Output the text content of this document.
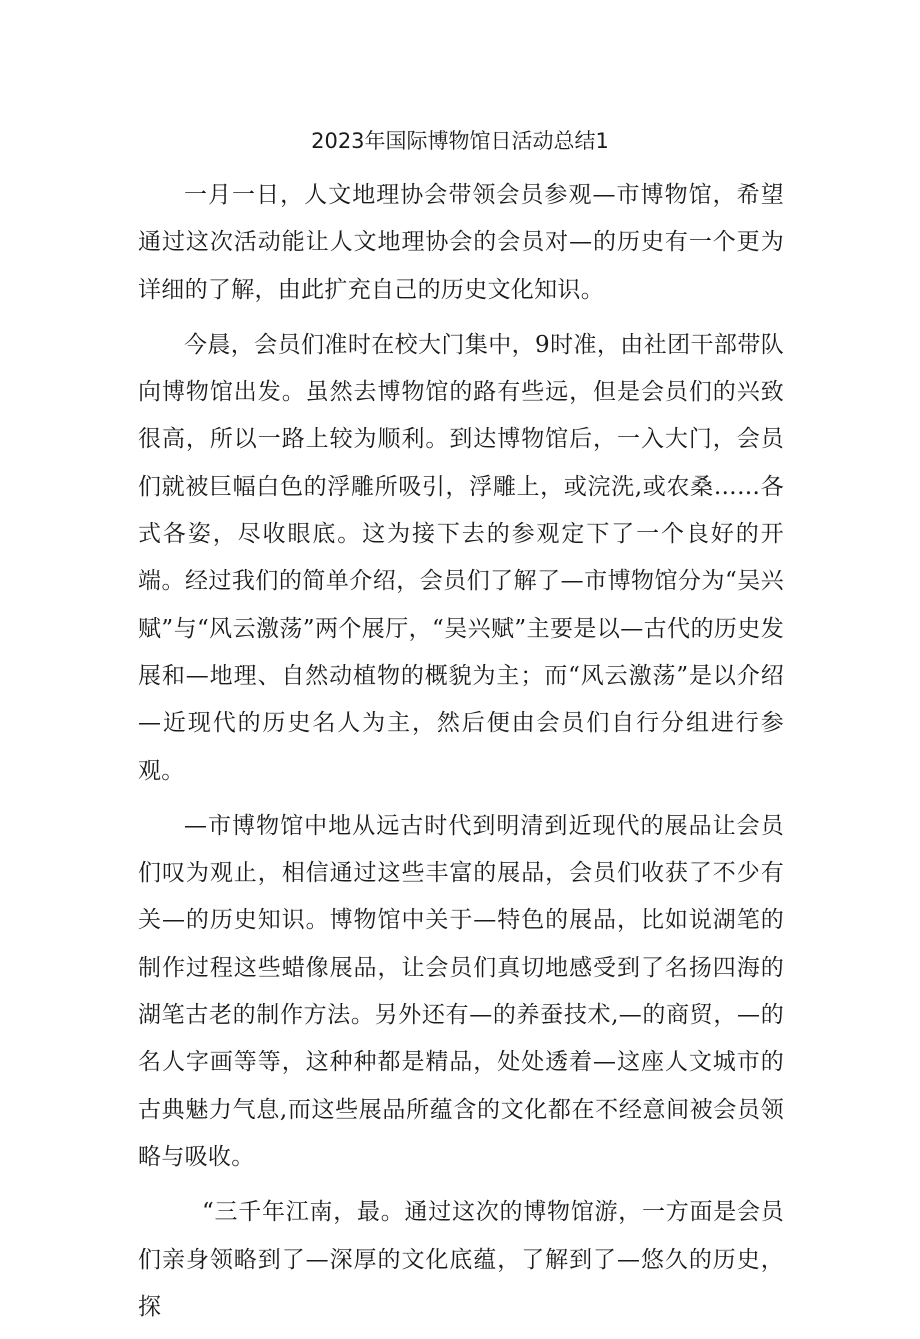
2023年国际博物馆日活动总结1

一月一日，人文地理协会带领会员参观—市博物馆，希望通过这次活动能让人文地理协会的会员对—的历史有一个更为详细的了解，由此扩充自己的历史文化知识。

今晨，会员们准时在校大门集中，9时准，由社团干部带队向博物馆出发。虽然去博物馆的路有些远，但是会员们的兴致很高，所以一路上较为顺利。到达博物馆后，一入大门，会员们就被巨幅白色的浮雕所吸引，浮雕上，或浣洗,或农桑……各式各姿，尽收眼底。这为接下去的参观定下了一个良好的开端。经过我们的简单介绍，会员们了解了—市博物馆分为“吴兴赋”与“风云激荡”两个展厅，“吴兴赋”主要是以—古代的历史发展和—地理、自然动植物的概貌为主；而“风云激荡”是以介绍—近现代的历史名人为主，然后便由会员们自行分组进行参观。

—市博物馆中地从远古时代到明清到近现代的展品让会员们叹为观止，相信通过这些丰富的展品，会员们收获了不少有关—的历史知识。博物馆中关于—特色的展品，比如说湖笔的制作过程这些蜡像展品，让会员们真切地感受到了名扬四海的湖笔古老的制作方法。另外还有—的养蚕技术,—的商贸，—的名人字画等等，这种种都是精品，处处透着—这座人文城市的古典魅力气息,而这些展品所蕴含的文化都在不经意间被会员领略与吸收。

“三千年江南，最。通过这次的博物馆游，一方面是会员们亲身领略到了—深厚的文化底蕴，了解到了—悠久的历史，探
